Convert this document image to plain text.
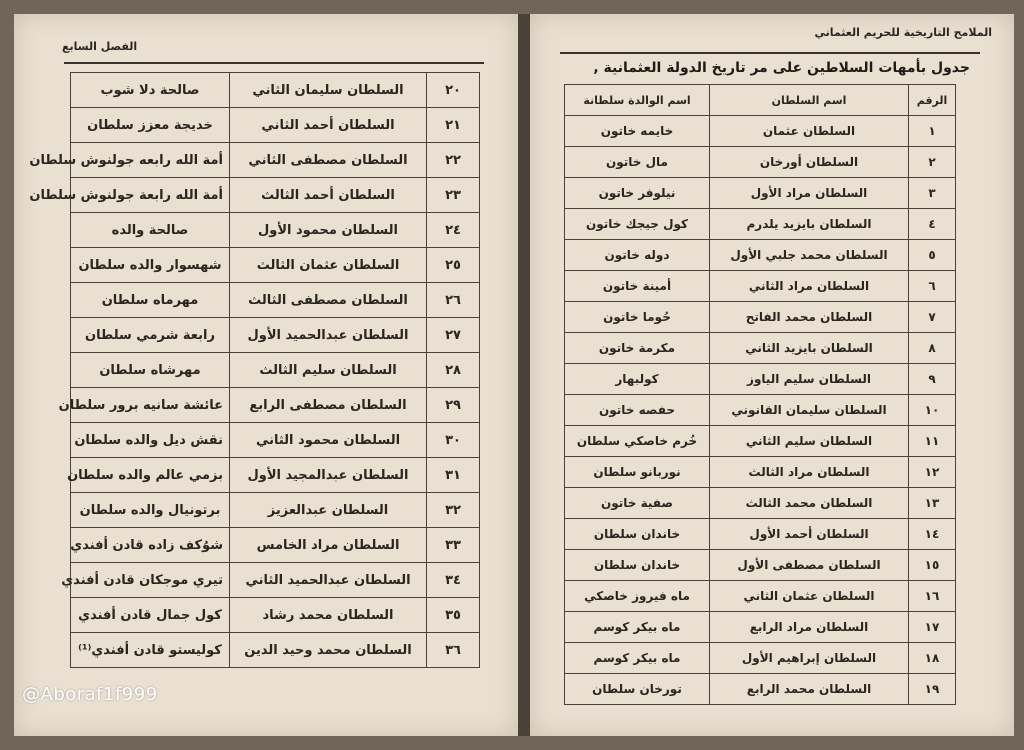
الفصل السابع
٢٠	السلطان سليمان الثاني	صالحة دلا شوب
٢١	السلطان أحمد الثاني	خديجة معزز سلطان
٢٢	السلطان مصطفى الثاني	أمة الله رابعه جولنوش سلطان
٢٣	السلطان أحمد الثالث	أمة الله رابعة جولنوش سلطان
٢٤	السلطان محمود الأول	صالحة والده
٢٥	السلطان عثمان الثالث	شهسوار والده سلطان
٢٦	السلطان مصطفى الثالث	مهرماه سلطان
٢٧	السلطان عبدالحميد الأول	رابعة شرمي سلطان
٢٨	السلطان سليم الثالث	مهرشاه سلطان
٢٩	السلطان مصطفى الرابع	عائشة سانيه برور سلطان
٣٠	السلطان محمود الثاني	نقش ديل والده سلطان
٣١	السلطان عبدالمجيد الأول	بزمي عالم والده سلطان
٣٢	السلطان عبدالعزيز	برتونيال والده سلطان
٣٣	السلطان مراد الخامس	شوُكف زاده قادن أفندي
٣٤	السلطان عبدالحميد الثاني	تيري موجكان قادن أفندي
٣٥	السلطان محمد رشاد	كول جمال قادن أفندي
٣٦	السلطان محمد وحيد الدين	كوليستو قادن أفندي⁽¹⁾
الملامح التاريخية للحريم العثماني
جدول بأمهات السلاطين على مر تاريخ الدولة العثمانية ,
الرقم	اسم السلطان	اسم الوالدة سلطانة
١	السلطان عثمان	خايمه خاتون
٢	السلطان أورخان	مال خاتون
٣	السلطان مراد الأول	نيلوفر خاتون
٤	السلطان بايزيد يلدرم	كول جيجك خاتون
٥	السلطان محمد جلبي الأول	دوله خاتون
٦	السلطان مراد الثاني	أمينة خاتون
٧	السلطان محمد الفاتح	حُوما خاتون
٨	السلطان بايزيد الثاني	مكرمة خاتون
٩	السلطان سليم الياوز	كولبهار
١٠	السلطان سليمان القانوني	حفصه خاتون
١١	السلطان سليم الثاني	خُرم خاصكي سلطان
١٢	السلطان مراد الثالث	نوربانو سلطان
١٣	السلطان محمد الثالث	صفية خاتون
١٤	السلطان أحمد الأول	خاندان سلطان
١٥	السلطان مصطفى الأول	خاندان سلطان
١٦	السلطان عثمان الثاني	ماه فيروز خاصكي
١٧	السلطان مراد الرابع	ماه بيكر كوسم
١٨	السلطان إبراهيم الأول	ماه بيكر كوسم
١٩	السلطان محمد الرابع	تورخان سلطان
@Aboraf1f999
